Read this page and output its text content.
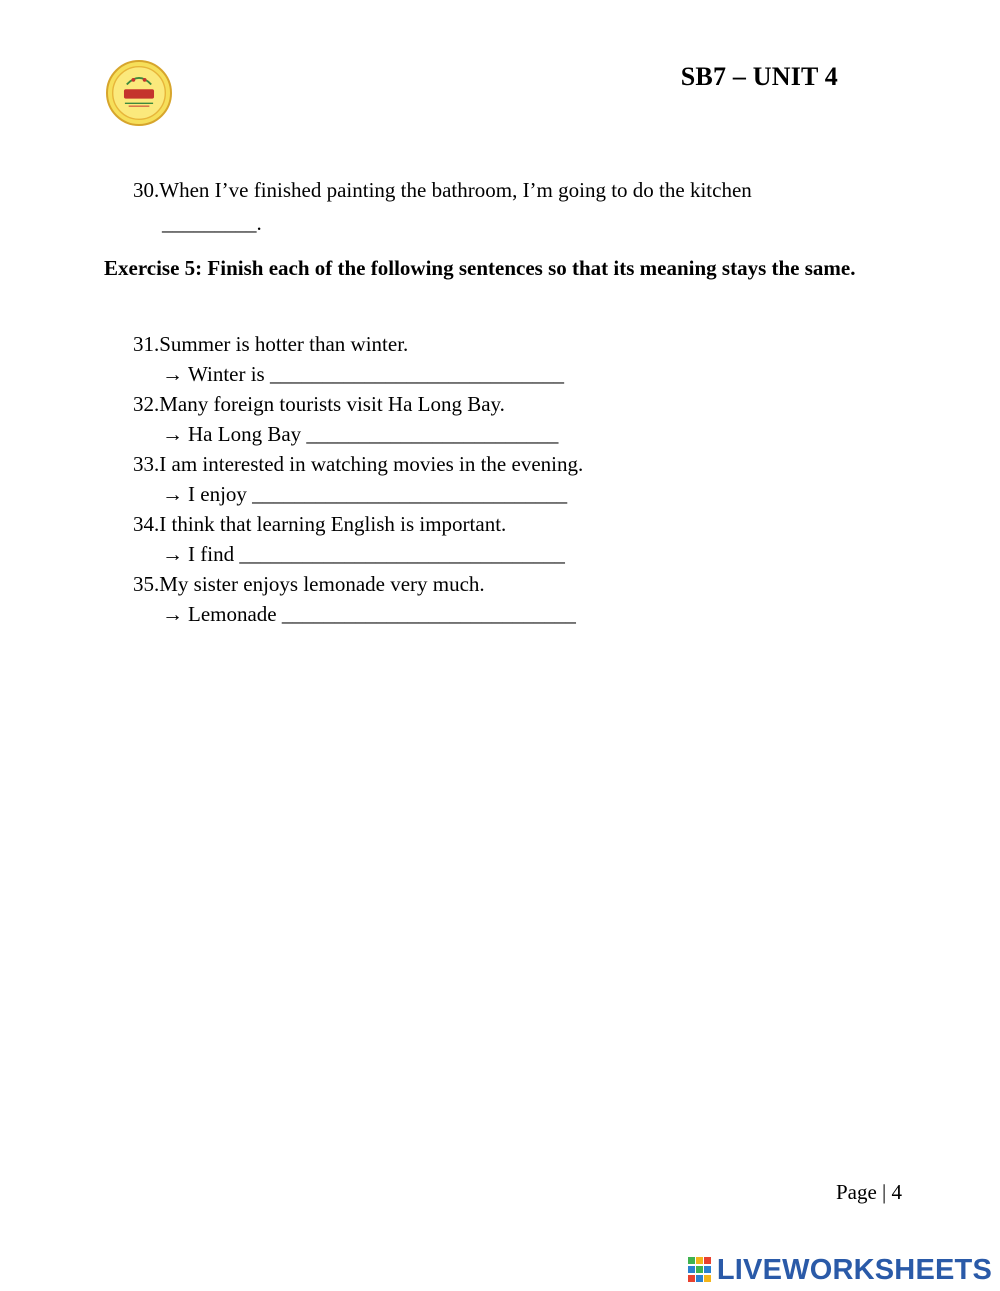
SB7 – UNIT 4
30.When I’ve finished painting the bathroom, I’m going to do the kitchen
_________.
Exercise 5: Finish each of the following sentences so that its meaning stays the same.
31.Summer is hotter than winter.
→ Winter is ____________________________
32.Many foreign tourists visit Ha Long Bay.
→ Ha Long Bay ________________________
33.I am interested in watching movies in the evening.
→ I enjoy ______________________________
34.I think that learning English is important.
→ I find _______________________________
35.My sister enjoys lemonade very much.
→ Lemonade ____________________________
Page | 4
LIVEWORKSHEETS
